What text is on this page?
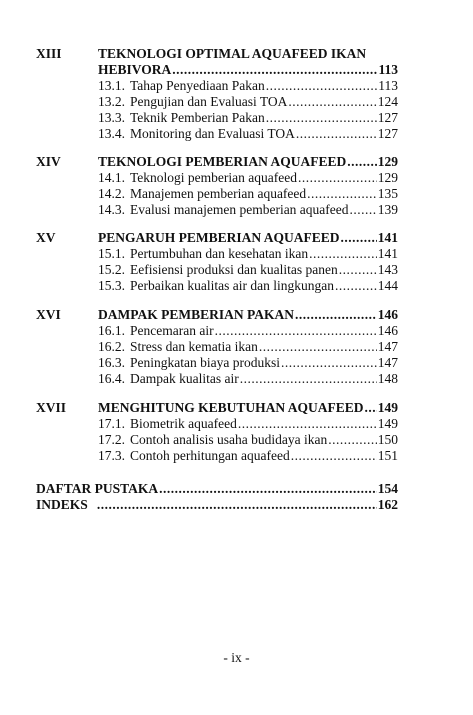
XIII	TEKNOLOGI OPTIMAL AQUAFEED IKAN
HEBIVORA .....	113
13.1. Tahap Penyediaan Pakan .....	113
13.2. Pengujian dan Evaluasi TOA .....	124
13.3. Teknik Pemberian Pakan .....	127
13.4. Monitoring dan Evaluasi TOA .....	127
XIV	TEKNOLOGI PEMBERIAN AQUAFEED ..... 129
14.1. Teknologi pemberian aquafeed .....	129
14.2. Manajemen pemberian aquafeed .....	135
14.3. Evalusi manajemen pemberian aquafeed ..... 139
XV	PENGARUH PEMBERIAN AQUAFEED .....	141
15.1. Pertumbuhan dan kesehatan ikan .....	141
15.2. Eefisiensi produksi dan kualitas panen .....	143
15.3. Perbaikan kualitas air dan lingkungan .....	144
XVI	DAMPAK PEMBERIAN PAKAN .....	146
16.1. Pencemaran air .....	146
16.2. Stress dan kematia ikan .....	147
16.3. Peningkatan biaya produksi .....	147
16.4. Dampak kualitas air .....	148
XVII MENGHITUNG KEBUTUHAN AQUAFEED ..... 149
17.1. Biometrik aquafeed .....	149
17.2. Contoh analisis usaha budidaya ikan .....	150
17.3. Contoh perhitungan aquafeed .....	151
DAFTAR PUSTAKA .....	154
INDEKS .....	162
- ix -
